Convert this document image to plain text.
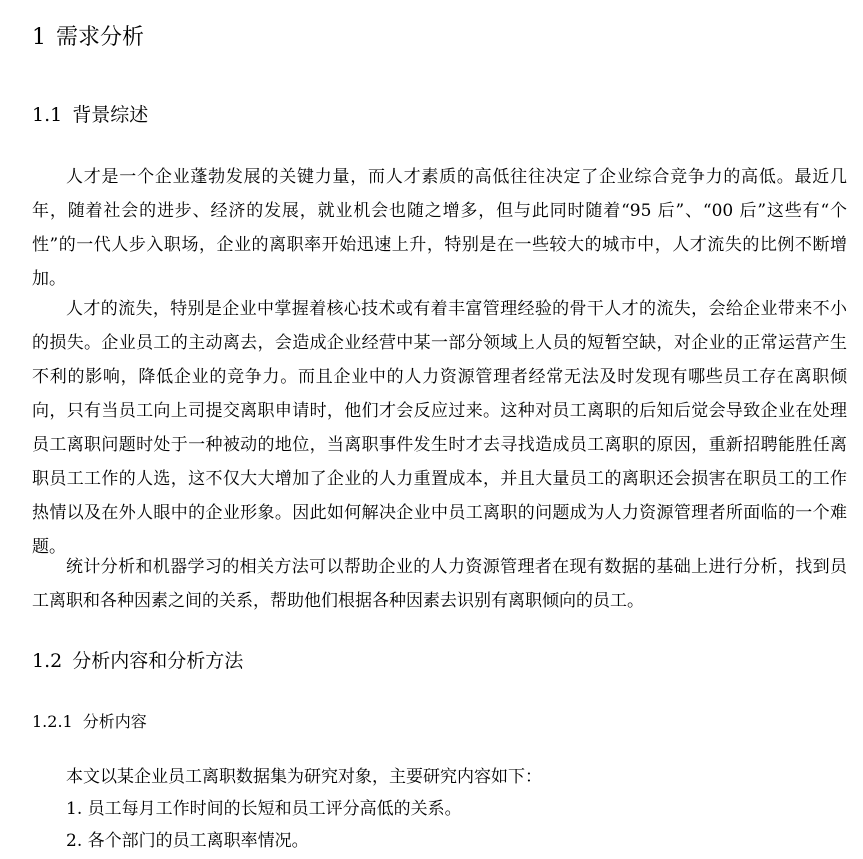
1 需求分析
1.1 背景综述

人才是一个企业蓬勃发展的关键力量，而人才素质的高低往往决定了企业综合竞争力的高低。最近几年，随着社会的进步、经济的发展，就业机会也随之增多，但与此同时随着“95 后”、“00 后”这些有“个性”的一代人步入职场，企业的离职率开始迅速上升，特别是在一些较大的城市中，人才流失的比例不断增加。

人才的流失，特别是企业中掌握着核心技术或有着丰富管理经验的骨干人才的流失，会给企业带来不小的损失。企业员工的主动离去，会造成企业经营中某一部分领域上人员的短暂空缺，对企业的正常运营产生不利的影响，降低企业的竞争力。而且企业中的人力资源管理者经常无法及时发现有哪些员工存在离职倾向，只有当员工向上司提交离职申请时，他们才会反应过来。这种对员工离职的后知后觉会导致企业在处理员工离职问题时处于一种被动的地位，当离职事件发生时才去寻找造成员工离职的原因，重新招聘能胜任离职员工工作的人选，这不仅大大增加了企业的人力重置成本，并且大量员工的离职还会损害在职员工的工作热情以及在外人眼中的企业形象。因此如何解决企业中员工离职的问题成为人力资源管理者所面临的一个难题。

统计分析和机器学习的相关方法可以帮助企业的人力资源管理者在现有数据的基础上进行分析，找到员工离职和各种因素之间的关系，帮助他们根据各种因素去识别有离职倾向的员工。

1.2 分析内容和分析方法
1.2.1 分析内容

本文以某企业员工离职数据集为研究对象，主要研究内容如下：

1. 员工每月工作时间的长短和员工评分高低的关系。
2. 各个部门的员工离职率情况。
